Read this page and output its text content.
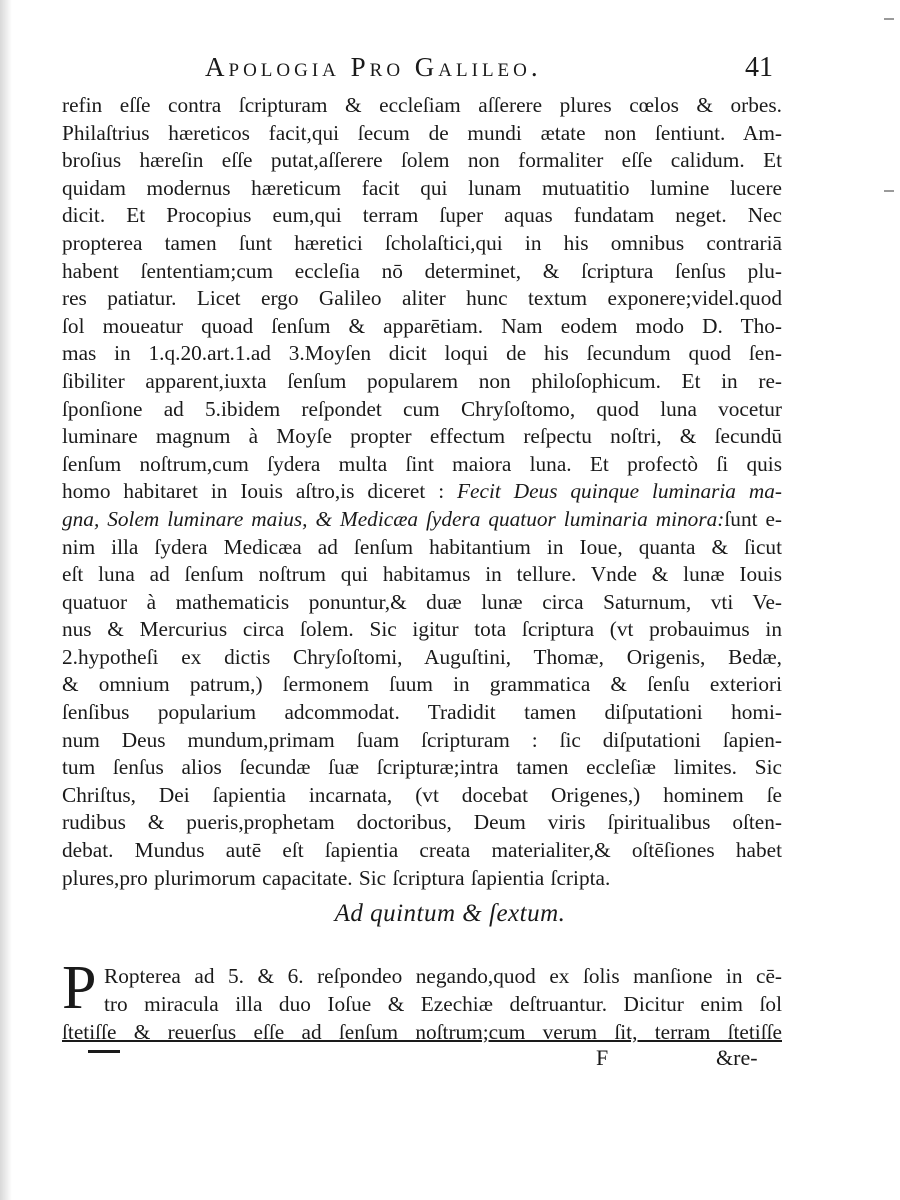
Apologia Pro Galileo.	41
refin eſſe contra ſcripturam & eccleſiam aſſerere plures cœlos & orbes.
Philaſtrius hæreticos facit,qui ſecum de mundi ætate non ſentiunt. Am-
broſius hæreſin eſſe putat,aſſerere ſolem non formaliter eſſe calidum. Et
quidam modernus hæreticum facit qui lunam mutuatitio lumine lucere
dicit. Et Procopius eum,qui terram ſuper aquas fundatam neget. Nec
propterea tamen ſunt hæretici ſcholaſtici,qui in his omnibus contrariā
habent ſententiam;cum eccleſia nō determinet, & ſcriptura ſenſus plu-
res patiatur. Licet ergo Galileo aliter hunc textum exponere;videl.quod
ſol moueatur quoad ſenſum & apparētiam. Nam eodem modo D. Tho-
mas in 1.q.20.art.1.ad 3.Moyſen dicit loqui de his ſecundum quod ſen-
ſibiliter apparent,iuxta ſenſum popularem non philoſophicum. Et in re-
ſponſione ad 5.ibidem reſpondet cum Chryſoſtomo, quod luna vocetur
luminare magnum à Moyſe propter effectum reſpectu noſtri, & ſecundū
ſenſum noſtrum,cum ſydera multa ſint maiora luna. Et profectò ſi quis
homo habitaret in Iouis aſtro,is diceret : Fecit Deus quinque luminaria ma-
gna, Solem luminare maius, & Medicæa ſydera quatuor luminaria minora:ſunt e-
nim illa ſydera Medicæa ad ſenſum habitantium in Ioue, quanta & ſicut
eſt luna ad ſenſum noſtrum qui habitamus in tellure. Vnde & lunæ Iouis
quatuor à mathematicis ponuntur,& duæ lunæ circa Saturnum, vti Ve-
nus & Mercurius circa ſolem. Sic igitur tota ſcriptura (vt probauimus in
2.hypotheſi ex dictis Chryſoſtomi, Auguſtini, Thomæ, Origenis, Bedæ,
& omnium patrum,) ſermonem ſuum in grammatica & ſenſu exteriori
ſenſibus popularium adcommodat. Tradidit tamen diſputationi homi-
num Deus mundum,primam ſuam ſcripturam : ſic diſputationi ſapien-
tum ſenſus alios ſecundæ ſuæ ſcripturæ;intra tamen eccleſiæ limites. Sic
Chriſtus, Dei ſapientia incarnata, (vt docebat Origenes,) hominem ſe
rudibus & pueris,prophetam doctoribus, Deum viris ſpiritualibus oſten-
debat. Mundus autē eſt ſapientia creata materialiter,& oſtēſiones habet
plures,pro plurimorum capacitate. Sic ſcriptura ſapientia ſcripta.
Ad quintum & ſextum.
P Ropterea ad 5. & 6. reſpondeo negando,quod ex ſolis manſione in cē-
tro miracula illa duo Ioſue & Ezechiæ deſtruantur. Dicitur enim ſol
ſtetiſſe & reuerſus eſſe ad ſenſum noſtrum;cum verum ſit, terram ſtetiſſe
F	&re-
